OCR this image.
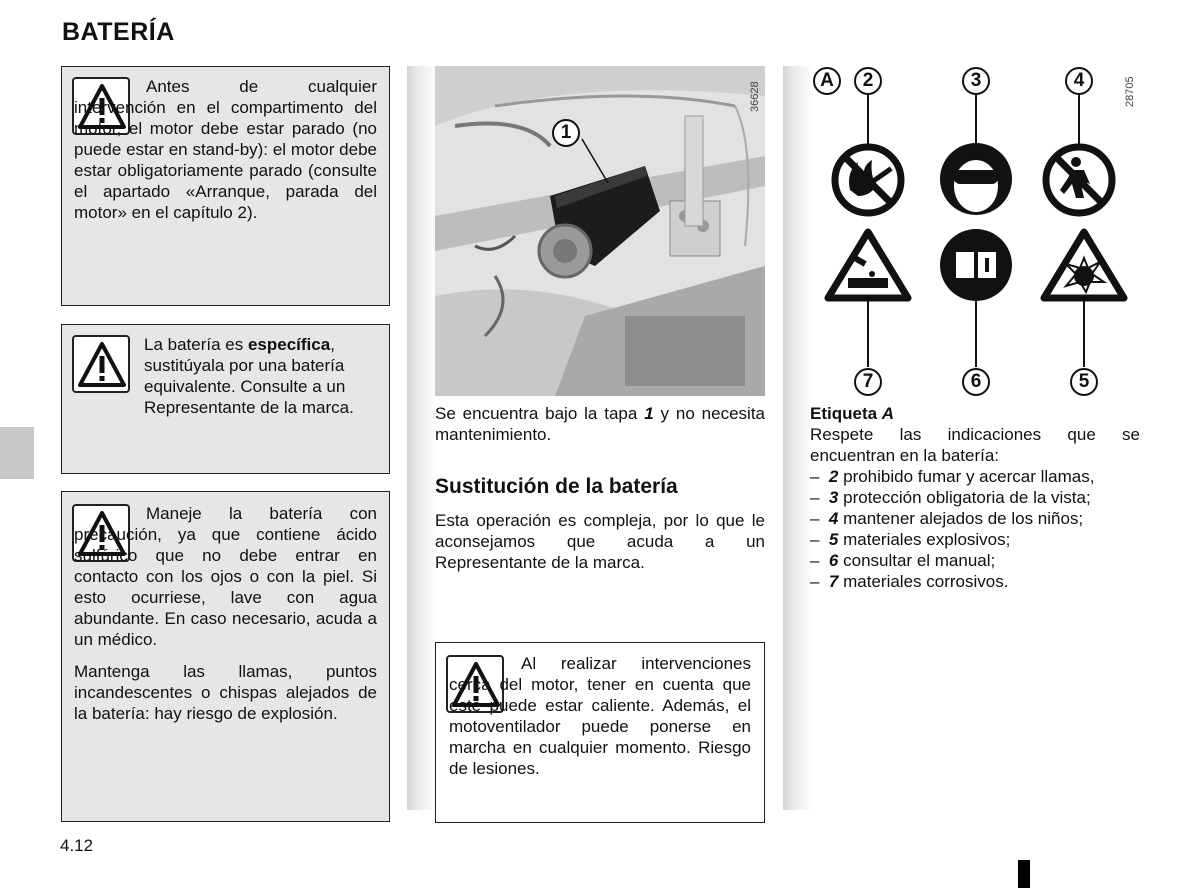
BATERÍA

Antes de cualquier intervención en el compartimento del motor, el motor debe estar parado (no puede estar en stand-by): el motor debe estar obligatoriamente parado (consulte el apartado «Arranque, parada del motor» en el capítulo 2).

La batería es específica, sustitúyala por una batería equivalente. Consulte a un Representante de la marca.

Maneje la batería con precaución, ya que contiene ácido sulfúrico que no debe entrar en contacto con los ojos o con la piel. Si esto ocurriese, lave con agua abundante. En caso necesario, acuda a un médico.

Mantenga las llamas, puntos incandescentes o chispas alejados de la batería: hay riesgo de explosión.

1
36628
Se encuentra bajo la tapa 1 y no necesita mantenimiento.
Sustitución de la batería
Esta operación es compleja, por lo que le aconsejamos que acuda a un Representante de la marca.

Al realizar intervenciones cerca del motor, tener en cuenta que este puede estar caliente. Además, el motoventilador puede ponerse en marcha en cualquier momento. Riesgo de lesiones.

A	2	3	4
7	6	5
28705
Etiqueta A
Respete las indicaciones que se encuentran en la batería:
– 2 prohibido fumar y acercar llamas,
– 3 protección obligatoria de la vista;
– 4 mantener alejados de los niños;
– 5 materiales explosivos;
– 6 consultar el manual;
– 7 materiales corrosivos.
4.12
